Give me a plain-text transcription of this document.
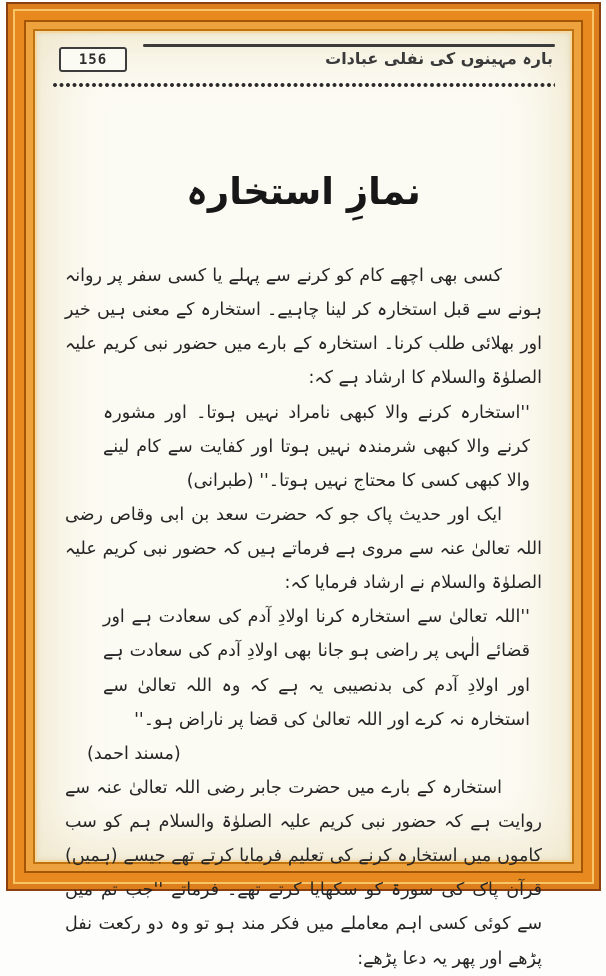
156	بارہ مہینوں کی نفلی عبادات
نمازِ استخارہ

کسی بھی اچھے کام کو کرنے سے پہلے یا کسی سفر پر روانہ ہونے سے قبل استخارہ کر لینا چاہیے۔ استخارہ کے معنی ہیں خیر اور بھلائی طلب کرنا۔ استخارہ کے بارے میں حضور نبی کریم علیہ الصلوٰۃ والسلام کا ارشاد ہے کہ:

''استخارہ کرنے والا کبھی نامراد نہیں ہوتا۔ اور مشورہ کرنے والا کبھی شرمندہ نہیں ہوتا اور کفایت سے کام لینے والا کبھی کسی کا محتاج نہیں ہوتا۔'' (طبرانی)

ایک اور حدیث پاک جو کہ حضرت سعد بن ابی وقاص رضی اللہ تعالیٰ عنہ سے مروی ہے فرماتے ہیں کہ حضور نبی کریم علیہ الصلوٰۃ والسلام نے ارشاد فرمایا کہ:

''اللہ تعالیٰ سے استخارہ کرنا اولادِ آدم کی سعادت ہے اور قضائے الٰہی پر راضی ہو جانا بھی اولادِ آدم کی سعادت ہے اور اولادِ آدم کی بدنصیبی یہ ہے کہ وہ اللہ تعالیٰ سے استخارہ نہ کرے اور اللہ تعالیٰ کی قضا پر ناراض ہو۔''

(مسند احمد)

استخارہ کے بارے میں حضرت جابر رضی اللہ تعالیٰ عنہ سے روایت ہے کہ حضور نبی کریم علیہ الصلوٰۃ والسلام ہم کو سب کاموں میں استخارہ کرنے کی تعلیم فرمایا کرتے تھے جیسے (ہمیں) قرآن پاک کی سورۃ کو سکھایا کرتے تھے۔ فرماتے ''جب تم میں سے کوئی کسی اہم معاملے میں فکر مند ہو تو وہ دو رکعت نفل پڑھے اور پھر یہ دعا پڑھے:
